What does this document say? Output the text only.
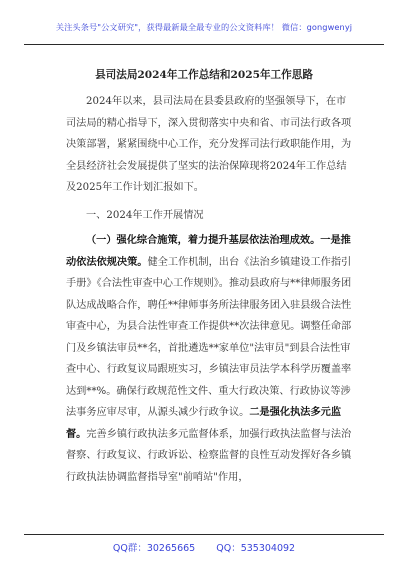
关注头条号"公文研究"，获得最新最全最专业的公文资料库！ 微信：gongwenyj
县司法局2024年工作总结和2025年工作思路

2024年以来，县司法局在县委县政府的坚强领导下，在市司法局的精心指导下，深入贯彻落实中央和省、市司法行政各项决策部署，紧紧围绕中心工作，充分发挥司法行政职能作用，为全县经济社会发展提供了坚实的法治保障现将2024年工作总结及2025年工作计划汇报如下。

一、2024年工作开展情况

（一）强化综合施策，着力提升基层依法治理成效。一是推动依法依规决策。健全工作机制，出台《法治乡镇建设工作指引手册》《合法性审查中心工作规则》。推动县政府与**律师服务团队达成战略合作，聘任**律师事务所法律服务团入驻县级合法性审查中心，为县合法性审查工作提供**次法律意见。调整任命部门及乡镇法审员**名，首批遴选**家单位"法审员"到县合法性审查中心、行政复议局跟班实习，乡镇法审员法学本科学历覆盖率达到**%。确保行政规范性文件、重大行政决策、行政协议等涉法事务应审尽审，从源头减少行政争议。二是强化执法多元监督。完善乡镇行政执法多元监督体系，加强行政执法监督与法治督察、行政复议、行政诉讼、检察监督的良性互动发挥好各乡镇行政执法协调监督指导室"前哨站"作用，

QQ群：30265665 QQ：535304092
